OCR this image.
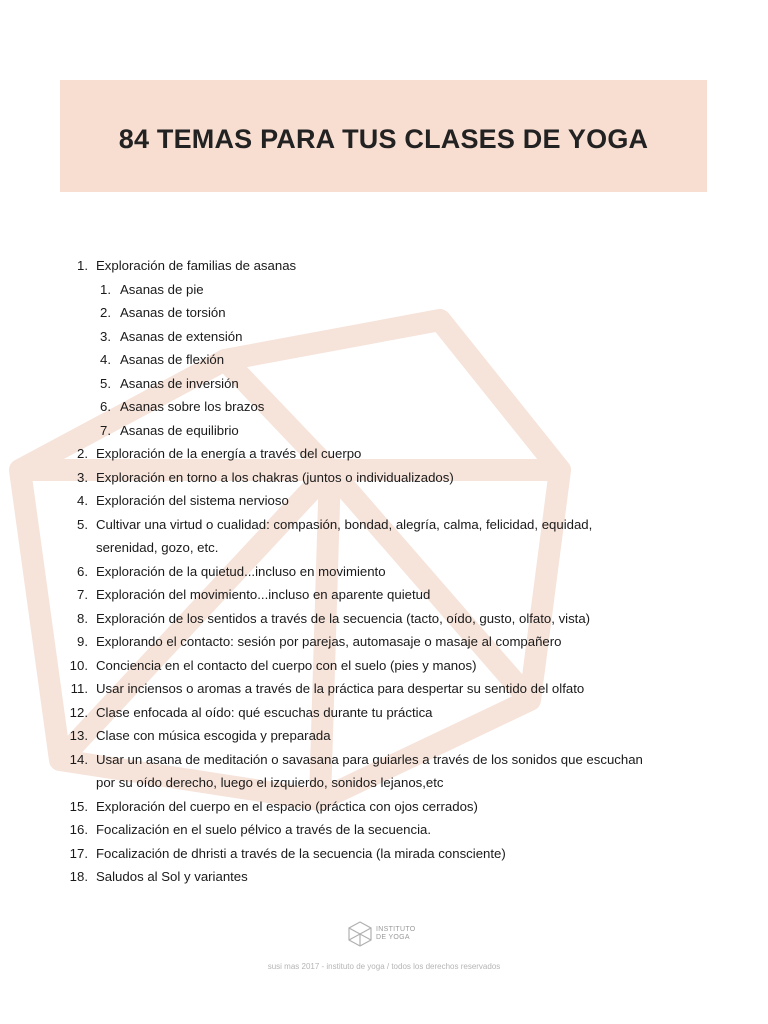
84 TEMAS PARA TUS CLASES DE YOGA
1. Exploración de familias de asanas
1. Asanas de pie
2. Asanas de torsión
3. Asanas de extensión
4. Asanas de flexión
5. Asanas de inversión
6. Asanas sobre los brazos
7. Asanas de equilibrio
2. Exploración de la energía a través del cuerpo
3. Exploración en torno a los chakras (juntos o individualizados)
4. Exploración del sistema nervioso
5. Cultivar una virtud o cualidad: compasión, bondad, alegría, calma, felicidad, equidad,
serenidad, gozo, etc.
6. Exploración de la quietud...incluso en movimiento
7. Exploración del movimiento...incluso en aparente quietud
8. Exploración de los sentidos a través de la secuencia (tacto, oído, gusto, olfato, vista)
9. Explorando el contacto: sesión por parejas, automasaje o masaje al compañero
10. Conciencia en el contacto del cuerpo con el suelo (pies y manos)
11. Usar inciensos o aromas a través de la práctica para despertar su sentido del olfato
12. Clase enfocada al oído: qué escuchas durante tu práctica
13. Clase con música escogida y preparada
14. Usar un asana de meditación o savasana para guiarles a través de los sonidos que escuchan
por su oído derecho, luego el izquierdo, sonidos lejanos,etc
15. Exploración del cuerpo en el espacio (práctica con ojos cerrados)
16. Focalización en el suelo pélvico a través de la secuencia.
17. Focalización de dhristi a través de la secuencia (la mirada consciente)
18. Saludos al Sol y variantes
INSTITUTO
DE YOGA
susi mas 2017 - instituto de yoga / todos los derechos reservados
